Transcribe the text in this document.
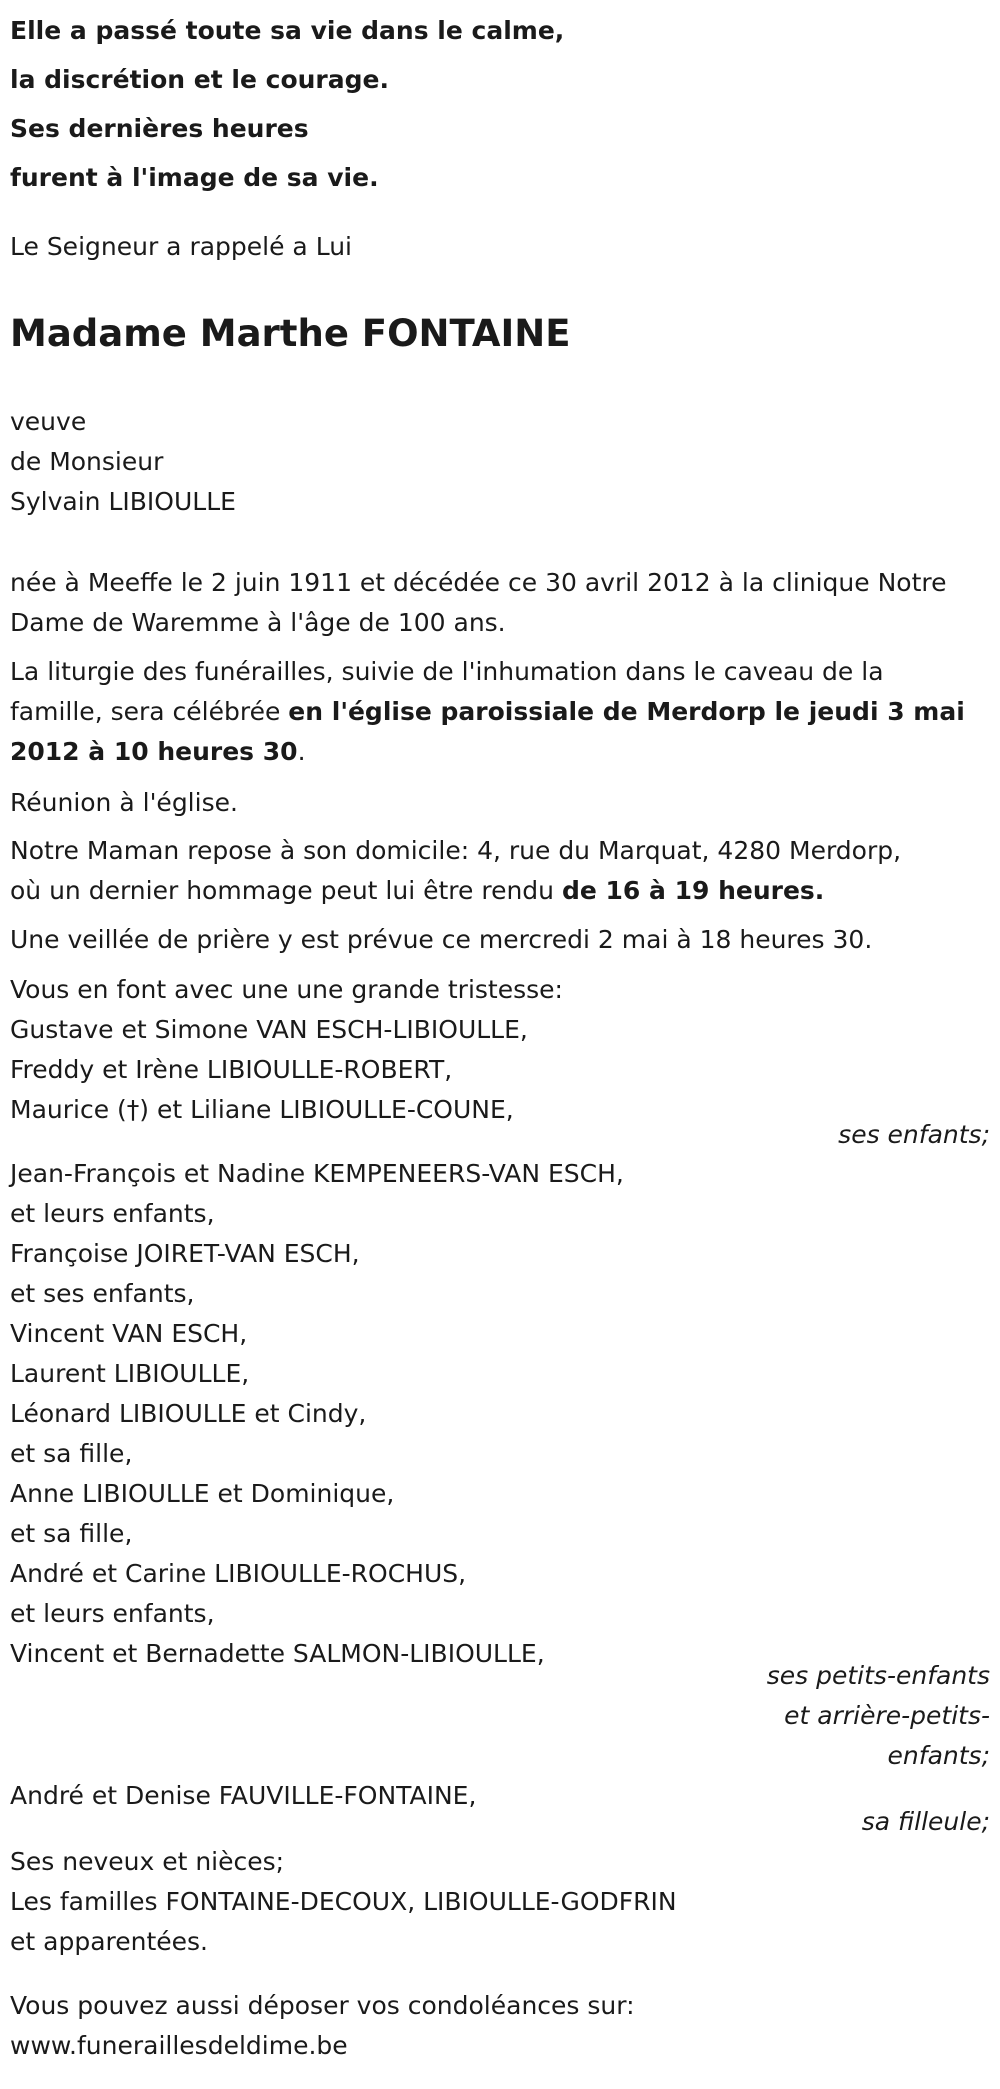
Elle a passé toute sa vie dans le calme,
la discrétion et le courage.
Ses dernières heures
furent à l'image de sa vie.

Le Seigneur a rappelé a Lui

Madame Marthe FONTAINE

veuve
de Monsieur
Sylvain LIBIOULLE

née à Meeffe le 2 juin 1911 et décédée ce 30 avril 2012 à la clinique Notre
Dame de Waremme à l'âge de 100 ans.

La liturgie des funérailles, suivie de l'inhumation dans le caveau de la
famille, sera célébrée en l'église paroissiale de Merdorp le jeudi 3 mai
2012 à 10 heures 30.

Réunion à l'église.

Notre Maman repose à son domicile: 4, rue du Marquat, 4280 Merdorp,
où un dernier hommage peut lui être rendu de 16 à 19 heures.

Une veillée de prière y est prévue ce mercredi 2 mai à 18 heures 30.

Vous en font avec une une grande tristesse:
Gustave et Simone VAN ESCH-LIBIOULLE,
Freddy et Irène LIBIOULLE-ROBERT,
Maurice (†) et Liliane LIBIOULLE-COUNE,

ses enfants;

Jean-François et Nadine KEMPENEERS-VAN ESCH,
et leurs enfants,
Françoise JOIRET-VAN ESCH,
et ses enfants,
Vincent VAN ESCH,
Laurent LIBIOULLE,
Léonard LIBIOULLE et Cindy,
et sa fille,
Anne LIBIOULLE et Dominique,
et sa fille,
André et Carine LIBIOULLE-ROCHUS,
et leurs enfants,
Vincent et Bernadette SALMON-LIBIOULLE,

ses petits-enfants
et arrière-petits-
enfants;

André et Denise FAUVILLE-FONTAINE,

sa filleule;

Ses neveux et nièces;
Les familles FONTAINE-DECOUX, LIBIOULLE-GODFRIN
et apparentées.

Vous pouvez aussi déposer vos condoléances sur:
www.funeraillesdeldime.be
